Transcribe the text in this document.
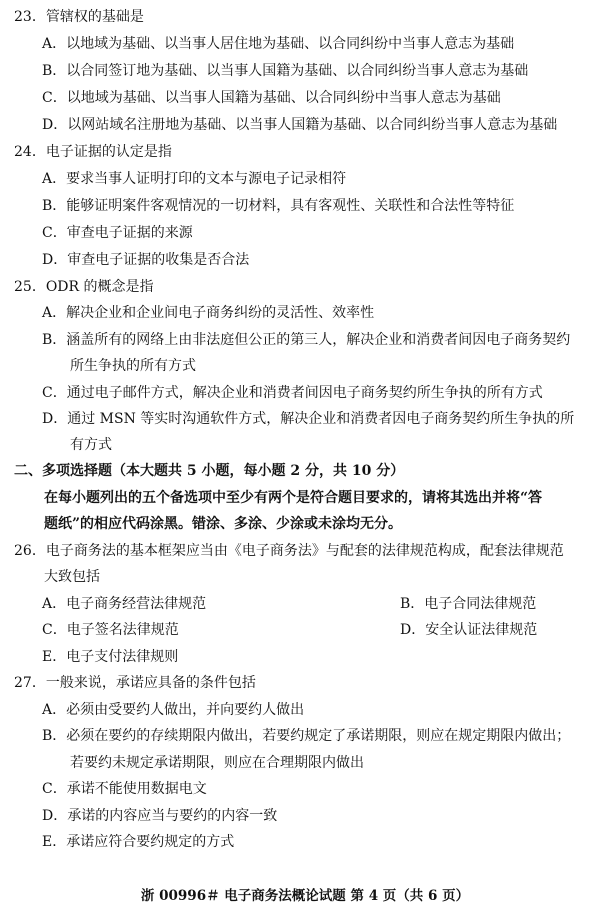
23．管辖权的基础是
A．以地域为基础、以当事人居住地为基础、以合同纠纷中当事人意志为基础
B．以合同签订地为基础、以当事人国籍为基础、以合同纠纷当事人意志为基础
C．以地域为基础、以当事人国籍为基础、以合同纠纷中当事人意志为基础
D．以网站域名注册地为基础、以当事人国籍为基础、以合同纠纷当事人意志为基础
24．电子证据的认定是指
A．要求当事人证明打印的文本与源电子记录相符
B．能够证明案件客观情况的一切材料，具有客观性、关联性和合法性等特征
C．审查电子证据的来源
D．审查电子证据的收集是否合法
25．ODR 的概念是指
A．解决企业和企业间电子商务纠纷的灵活性、效率性
B．涵盖所有的网络上由非法庭但公正的第三人，解决企业和消费者间因电子商务契约
所生争执的所有方式
C．通过电子邮件方式，解决企业和消费者间因电子商务契约所生争执的所有方式
D．通过 MSN 等实时沟通软件方式，解决企业和消费者因电子商务契约所生争执的所
有方式
二、多项选择题（本大题共 5 小题，每小题 2 分，共 10 分）
在每小题列出的五个备选项中至少有两个是符合题目要求的，请将其选出并将“答
题纸”的相应代码涂黑。错涂、多涂、少涂或未涂均无分。
26．电子商务法的基本框架应当由《电子商务法》与配套的法律规范构成，配套法律规范
大致包括
A．电子商务经营法律规范	B．电子合同法律规范
C．电子签名法律规范	D．安全认证法律规范
E．电子支付法律规则
27．一般来说，承诺应具备的条件包括
A．必须由受要约人做出，并向要约人做出
B．必须在要约的存续期限内做出，若要约规定了承诺期限，则应在规定期限内做出；
若要约未规定承诺期限，则应在合理期限内做出
C．承诺不能使用数据电文
D．承诺的内容应当与要约的内容一致
E．承诺应符合要约规定的方式
浙 00996＃ 电子商务法概论试题 第 4 页（共 6 页）
